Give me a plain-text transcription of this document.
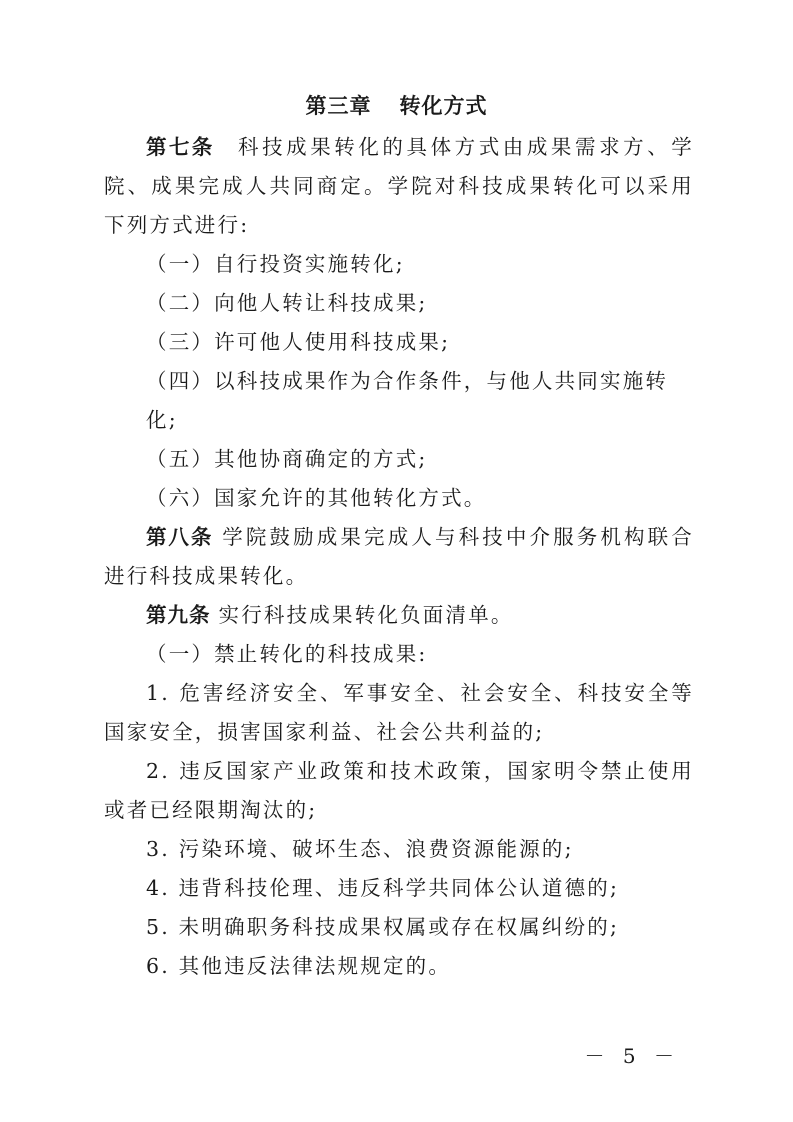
第三章 转化方式

第七条 科技成果转化的具体方式由成果需求方、学院、成果完成人共同商定。学院对科技成果转化可以采用下列方式进行:

（一）自行投资实施转化;

（二）向他人转让科技成果;

（三）许可他人使用科技成果;

（四）以科技成果作为合作条件，与他人共同实施转化;

（五）其他协商确定的方式;

（六）国家允许的其他转化方式。

第八条 学院鼓励成果完成人与科技中介服务机构联合进行科技成果转化。

第九条 实行科技成果转化负面清单。

（一）禁止转化的科技成果:

1. 危害经济安全、军事安全、社会安全、科技安全等国家安全，损害国家利益、社会公共利益的;

2. 违反国家产业政策和技术政策，国家明令禁止使用或者已经限期淘汰的;

3. 污染环境、破坏生态、浪费资源能源的;

4. 违背科技伦理、违反科学共同体公认道德的;

5. 未明确职务科技成果权属或存在权属纠纷的;

6. 其他违反法律法规规定的。

－ 5 －
